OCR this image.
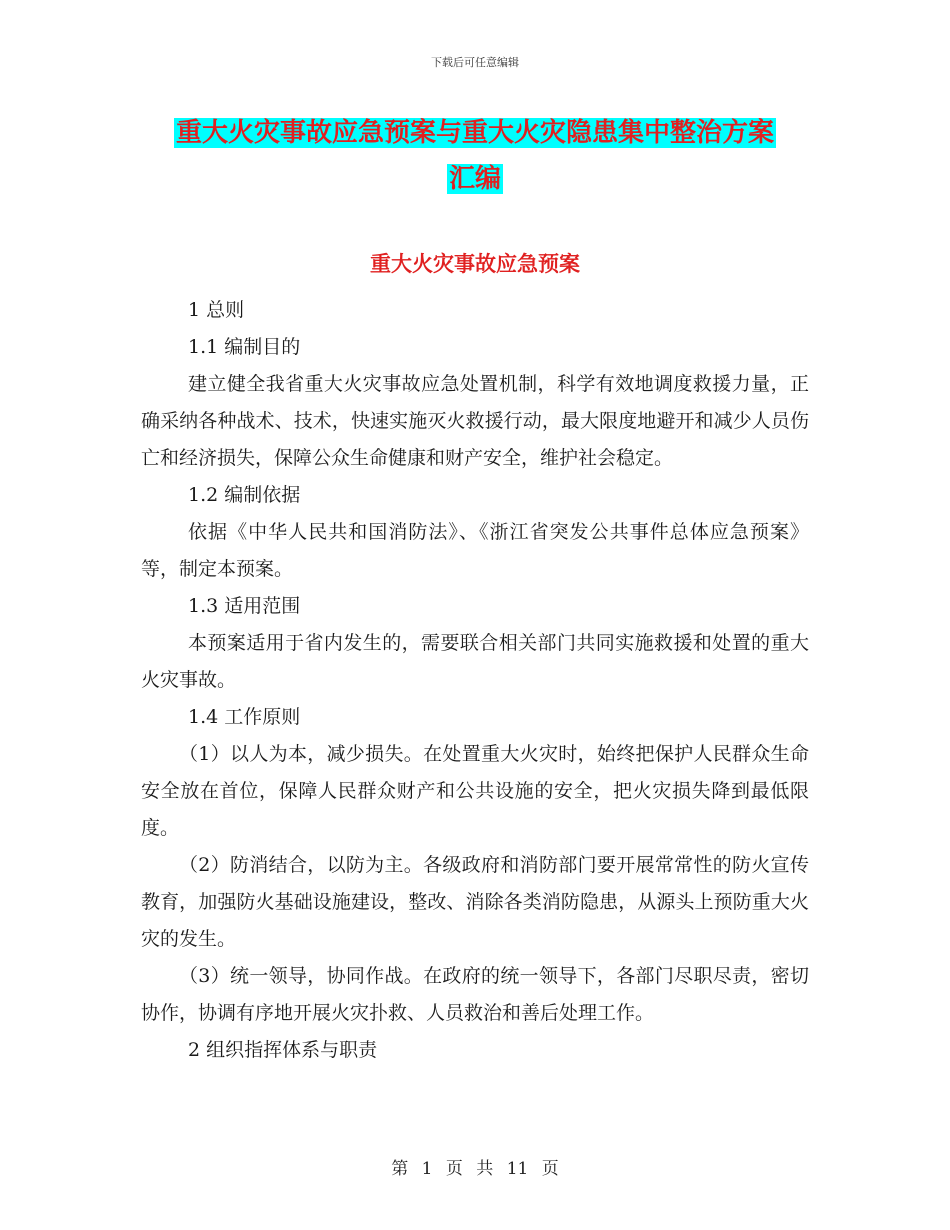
下载后可任意编辑
重大火灾事故应急预案与重大火灾隐患集中整治方案
汇编
重大火灾事故应急预案

1 总则

1.1 编制目的

建立健全我省重大火灾事故应急处置机制，科学有效地调度救援力量，正确采纳各种战术、技术，快速实施灭火救援行动，最大限度地避开和减少人员伤亡和经济损失，保障公众生命健康和财产安全，维护社会稳定。

1.2 编制依据

依据《中华人民共和国消防法》、《浙江省突发公共事件总体应急预案》等，制定本预案。

1.3 适用范围

本预案适用于省内发生的，需要联合相关部门共同实施救援和处置的重大火灾事故。

1.4 工作原则

（1）以人为本，减少损失。在处置重大火灾时，始终把保护人民群众生命安全放在首位，保障人民群众财产和公共设施的安全，把火灾损失降到最低限度。

（2）防消结合，以防为主。各级政府和消防部门要开展常常性的防火宣传教育，加强防火基础设施建设，整改、消除各类消防隐患，从源头上预防重大火灾的发生。

（3）统一领导，协同作战。在政府的统一领导下，各部门尽职尽责，密切协作，协调有序地开展火灾扑救、人员救治和善后处理工作。

2 组织指挥体系与职责

第 1 页 共 11 页
